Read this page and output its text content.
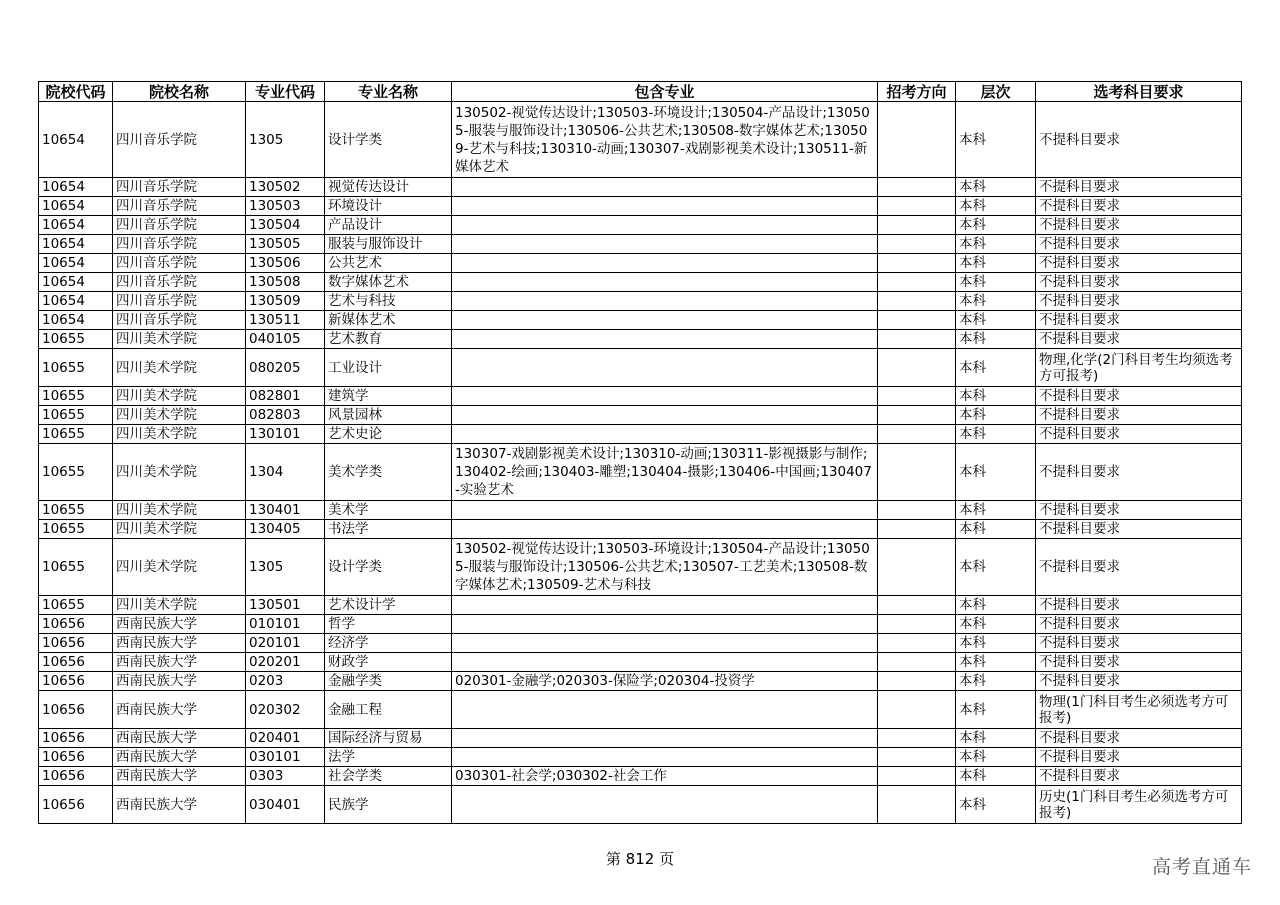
院校代码	院校名称	专业代码	专业名称	包含专业	招考方向	层次	选考科目要求
10654	四川音乐学院	1305	设计学类	130502-视觉传达设计;130503-环境设计;130504-产品设计;130505-服装与服饰设计;130506-公共艺术;130508-数字媒体艺术;130509-艺术与科技;130310-动画;130307-戏剧影视美术设计;130511-新媒体艺术		本科	不提科目要求
10654	四川音乐学院	130502	视觉传达设计			本科	不提科目要求
10654	四川音乐学院	130503	环境设计			本科	不提科目要求
10654	四川音乐学院	130504	产品设计			本科	不提科目要求
10654	四川音乐学院	130505	服装与服饰设计			本科	不提科目要求
10654	四川音乐学院	130506	公共艺术			本科	不提科目要求
10654	四川音乐学院	130508	数字媒体艺术			本科	不提科目要求
10654	四川音乐学院	130509	艺术与科技			本科	不提科目要求
10654	四川音乐学院	130511	新媒体艺术			本科	不提科目要求
10655	四川美术学院	040105	艺术教育			本科	不提科目要求
10655	四川美术学院	080205	工业设计			本科	物理,化学(2门科目考生均须选考方可报考)
10655	四川美术学院	082801	建筑学			本科	不提科目要求
10655	四川美术学院	082803	风景园林			本科	不提科目要求
10655	四川美术学院	130101	艺术史论			本科	不提科目要求
10655	四川美术学院	1304	美术学类	130307-戏剧影视美术设计;130310-动画;130311-影视摄影与制作;130402-绘画;130403-雕塑;130404-摄影;130406-中国画;130407-实验艺术		本科	不提科目要求
10655	四川美术学院	130401	美术学			本科	不提科目要求
10655	四川美术学院	130405	书法学			本科	不提科目要求
10655	四川美术学院	1305	设计学类	130502-视觉传达设计;130503-环境设计;130504-产品设计;130505-服装与服饰设计;130506-公共艺术;130507-工艺美术;130508-数字媒体艺术;130509-艺术与科技		本科	不提科目要求
10655	四川美术学院	130501	艺术设计学			本科	不提科目要求
10656	西南民族大学	010101	哲学			本科	不提科目要求
10656	西南民族大学	020101	经济学			本科	不提科目要求
10656	西南民族大学	020201	财政学			本科	不提科目要求
10656	西南民族大学	0203	金融学类	020301-金融学;020303-保险学;020304-投资学		本科	不提科目要求
10656	西南民族大学	020302	金融工程			本科	物理(1门科目考生必须选考方可报考)
10656	西南民族大学	020401	国际经济与贸易			本科	不提科目要求
10656	西南民族大学	030101	法学			本科	不提科目要求
10656	西南民族大学	0303	社会学类	030301-社会学;030302-社会工作		本科	不提科目要求
10656	西南民族大学	030401	民族学			本科	历史(1门科目考生必须选考方可报考)
第 812 页	高考直通车
